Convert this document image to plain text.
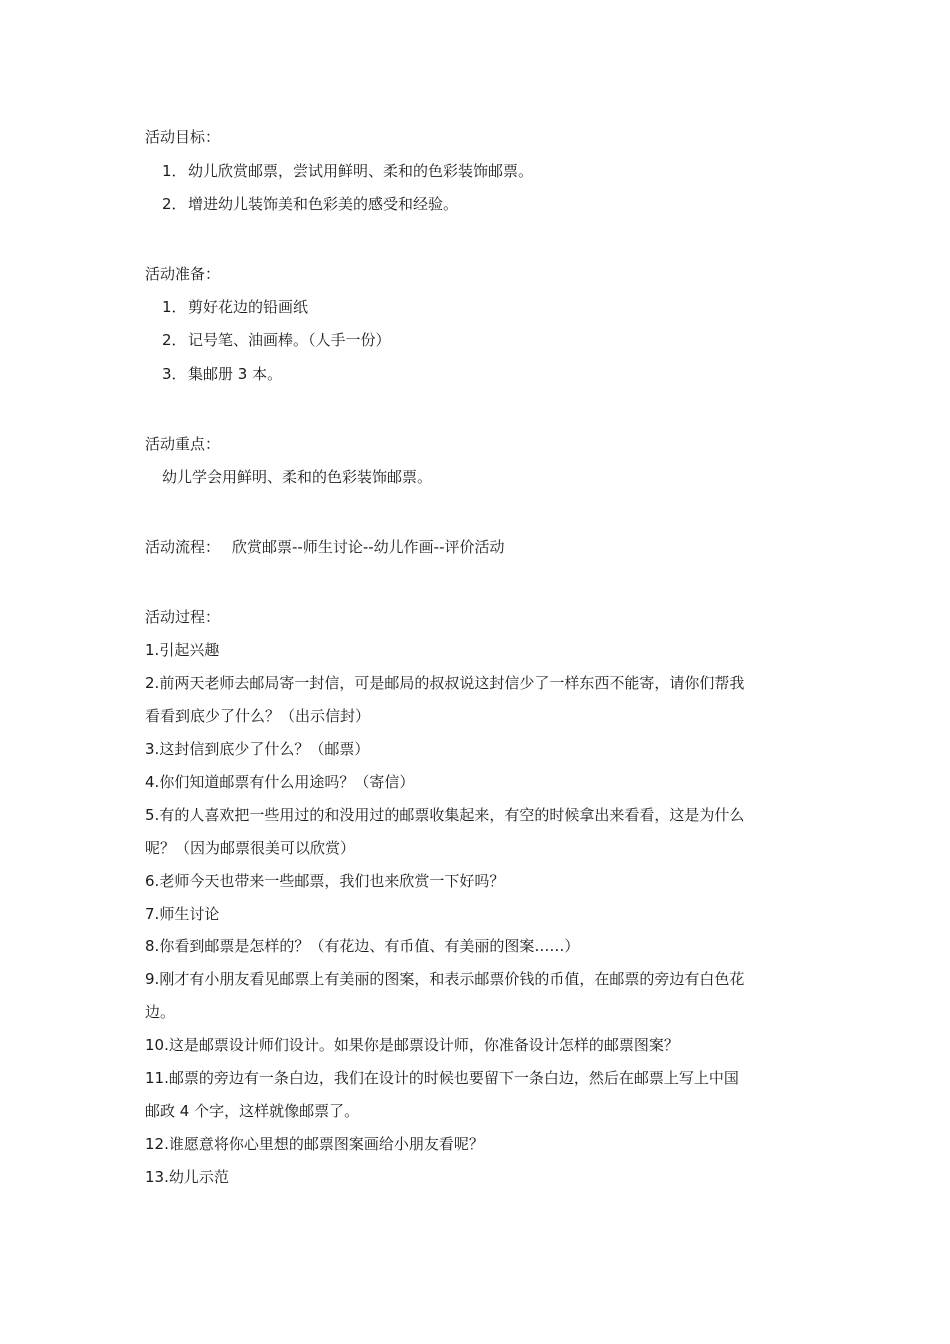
活动目标：
1．幼儿欣赏邮票，尝试用鲜明、柔和的色彩装饰邮票。
2．增进幼儿装饰美和色彩美的感受和经验。
活动准备：
1．剪好花边的铅画纸
2．记号笔、油画棒。（人手一份）
3．集邮册 3 本。
活动重点：
幼儿学会用鲜明、柔和的色彩装饰邮票。
活动流程： 欣赏邮票--师生讨论--幼儿作画--评价活动
活动过程：
1.引起兴趣
2.前两天老师去邮局寄一封信，可是邮局的叔叔说这封信少了一样东西不能寄，请你们帮我
看看到底少了什么？（出示信封）
3.这封信到底少了什么？（邮票）
4.你们知道邮票有什么用途吗？（寄信）
5.有的人喜欢把一些用过的和没用过的邮票收集起来，有空的时候拿出来看看，这是为什么
呢？（因为邮票很美可以欣赏）
6.老师今天也带来一些邮票，我们也来欣赏一下好吗？
7.师生讨论
8.你看到邮票是怎样的？（有花边、有币值、有美丽的图案……）
9.刚才有小朋友看见邮票上有美丽的图案，和表示邮票价钱的币值，在邮票的旁边有白色花
边。
10.这是邮票设计师们设计。如果你是邮票设计师，你准备设计怎样的邮票图案？
11.邮票的旁边有一条白边，我们在设计的时候也要留下一条白边，然后在邮票上写上中国
邮政 4 个字，这样就像邮票了。
12.谁愿意将你心里想的邮票图案画给小朋友看呢？
13.幼儿示范
